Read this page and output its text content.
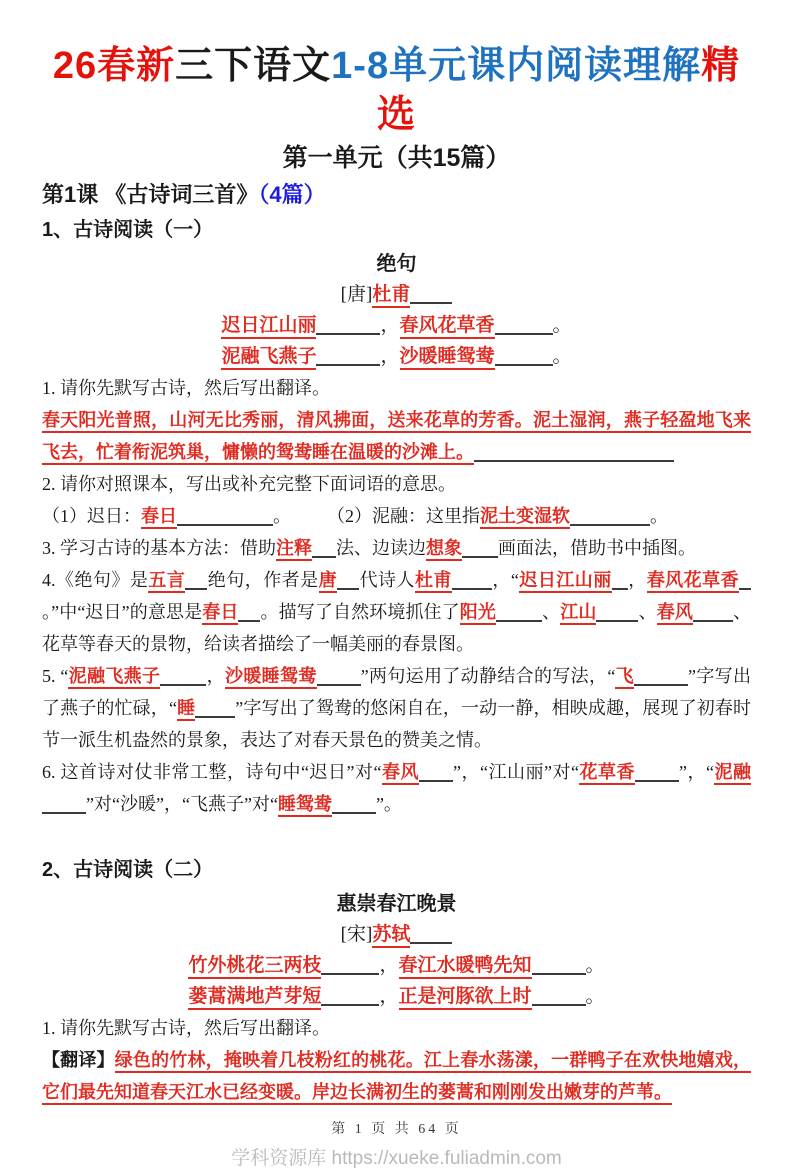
26春新三下语文1-8单元课内阅读理解精选
第一单元（共15篇）
第1课 《古诗词三首》（4篇）
1、古诗阅读（一）
绝句
[唐]杜甫
迟日江山丽	，春风花草香	。
泥融飞燕子	，沙暖睡鸳鸯	。
1. 请你先默写古诗，然后写出翻译。
春天阳光普照，山河无比秀丽，清风拂面，送来花草的芳香。泥土湿润，燕子轻盈地飞来飞去，忙着衔泥筑巢，慵懒的鸳鸯睡在温暖的沙滩上。
2. 请你对照课本，写出或补充完整下面词语的意思。
（1）迟日：春日	。　　　	（2）泥融：这里指泥土变湿软	。
3. 学习古诗的基本方法：借助注释 法、边读边想象 画面法，借助书中插图。
4.《绝句》是五言 绝句，作者是唐 代诗人杜甫 ，“迟日江山丽 ，春风花草香。”中“迟日”的意思是春日 。描写了自然环境抓住了阳光	、江山 、春风 、花草等春天的景物，给读者描绘了一幅美丽的春景图。
5. “泥融飞燕子	，沙暖睡鸳鸯 ”两句运用了动静结合的写法，“飞	”字写出了燕子的忙碌，“睡 ”字写出了鸳鸯的悠闲自在，一动一静，相映成趣，展现了初春时节一派生机盎然的景象，表达了对春天景色的赞美之情。
6. 这首诗对仗非常工整，诗句中“迟日”对“春风 ”，“江山丽”对“花草香 ”，“泥融”对“沙暖”，“飞燕子”对“睡鸳鸯 ”。
2、古诗阅读（二）
惠崇春江晚景
[宋]苏轼
竹外桃花三两枝	，春江水暖鸭先知	。
蒌蒿满地芦芽短	，正是河豚欲上时	。
1. 请你先默写古诗，然后写出翻译。
【翻译】绿色的竹林，掩映着几枝粉红的桃花。江上春水荡漾，一群鸭子在欢快地嬉戏，它们最先知道春天江水已经变暖。岸边长满初生的蒌蒿和刚刚发出嫩芽的芦苇。
第 1 页 共 64 页
学科资源库 https://xueke.fuliadmin.com
